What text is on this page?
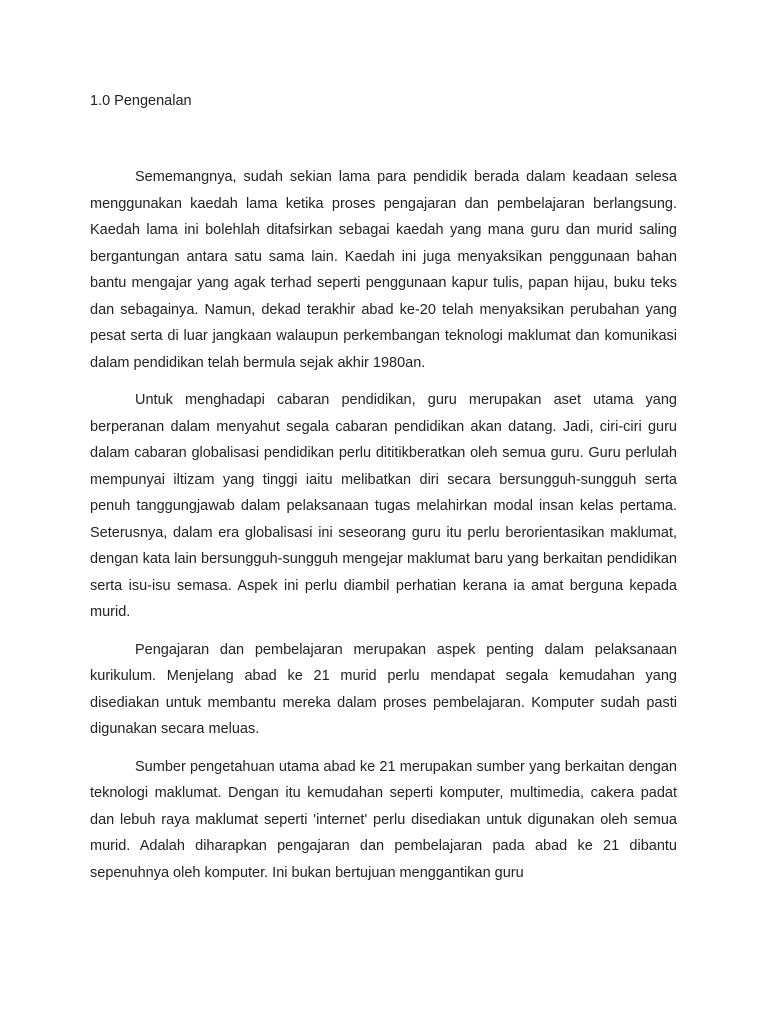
1.0 Pengenalan

Sememangnya, sudah sekian lama para pendidik berada dalam keadaan selesa menggunakan kaedah lama ketika proses pengajaran dan pembelajaran berlangsung. Kaedah lama ini bolehlah ditafsirkan sebagai kaedah yang mana guru dan murid saling bergantungan antara satu sama lain. Kaedah ini juga menyaksikan penggunaan bahan bantu mengajar yang agak terhad seperti penggunaan kapur tulis, papan hijau, buku teks dan sebagainya. Namun, dekad terakhir abad ke-20 telah menyaksikan perubahan yang pesat serta di luar jangkaan walaupun perkembangan teknologi maklumat dan komunikasi dalam pendidikan telah bermula sejak akhir 1980an.

Untuk menghadapi cabaran pendidikan, guru merupakan aset utama yang berperanan dalam menyahut segala cabaran pendidikan akan datang. Jadi, ciri-ciri guru dalam cabaran globalisasi pendidikan perlu dititikberatkan oleh semua guru. Guru perlulah mempunyai iltizam yang tinggi iaitu melibatkan diri secara bersungguh-sungguh serta penuh tanggungjawab dalam pelaksanaan tugas melahirkan modal insan kelas pertama. Seterusnya, dalam era globalisasi ini seseorang guru itu perlu berorientasikan maklumat, dengan kata lain bersungguh-sungguh mengejar maklumat baru yang berkaitan pendidikan serta isu-isu semasa. Aspek ini perlu diambil perhatian kerana ia amat berguna kepada murid.

Pengajaran dan pembelajaran merupakan aspek penting dalam pelaksanaan kurikulum. Menjelang abad ke 21 murid perlu mendapat segala kemudahan yang disediakan untuk membantu mereka dalam proses pembelajaran. Komputer sudah pasti digunakan secara meluas.

Sumber pengetahuan utama abad ke 21 merupakan sumber yang berkaitan dengan teknologi maklumat. Dengan itu kemudahan seperti komputer, multimedia, cakera padat dan lebuh raya maklumat seperti 'internet' perlu disediakan untuk digunakan oleh semua murid. Adalah diharapkan pengajaran dan pembelajaran pada abad ke 21 dibantu sepenuhnya oleh komputer. Ini bukan bertujuan menggantikan guru
